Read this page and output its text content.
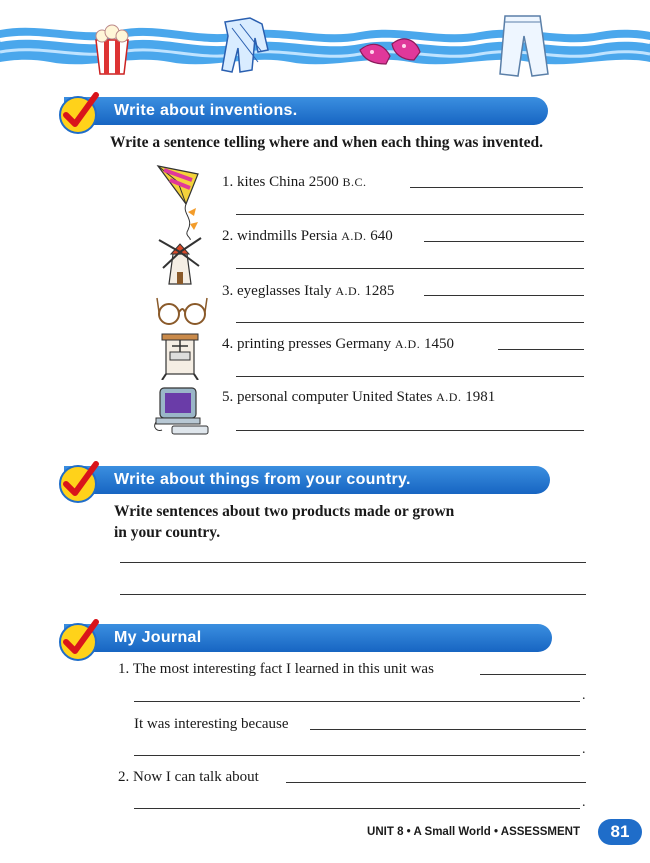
Write about inventions.
Write a sentence telling where and when each thing was invented.
1. kites China 2500 B.C.
2. windmills Persia A.D. 640
3. eyeglasses Italy A.D. 1285
4. printing presses Germany A.D. 1450
5. personal computer United States A.D. 1981
Write about things from your country.
Write sentences about two products made or grown
in your country.
My Journal
1. The most interesting fact I learned in this unit was
.
It was interesting because
.
2. Now I can talk about
.
UNIT 8 • A Small World • ASSESSMENT	81
